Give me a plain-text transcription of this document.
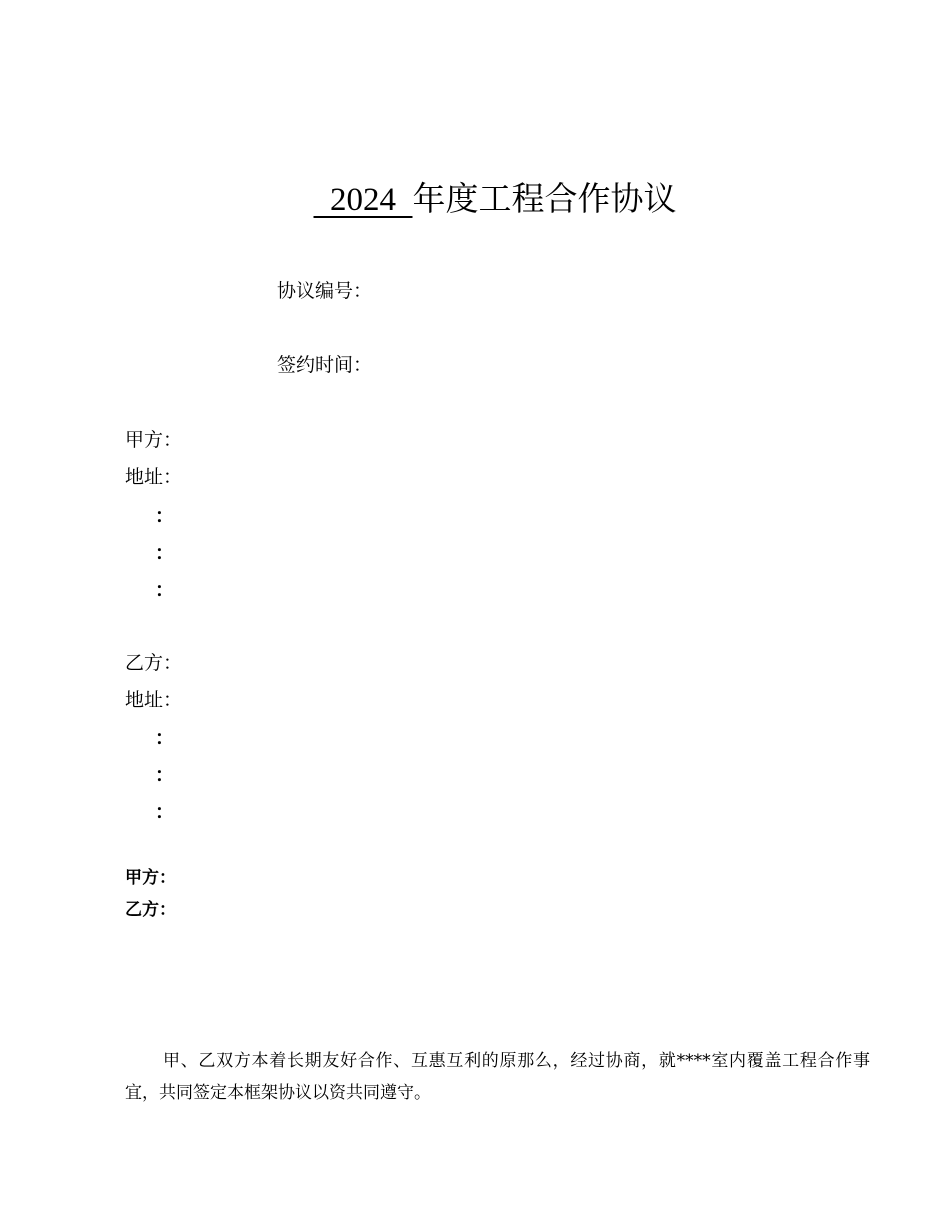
2024  年度工程合作协议
协议编号：
签约时间：
甲方：
地址：
：
：
：
乙方：
地址：
：
：
：
甲方：
乙方：
甲、乙双方本着长期友好合作、互惠互利的原那么，经过协商，就****室内覆盖工程合作事宜，共同签定本框架协议以资共同遵守。
